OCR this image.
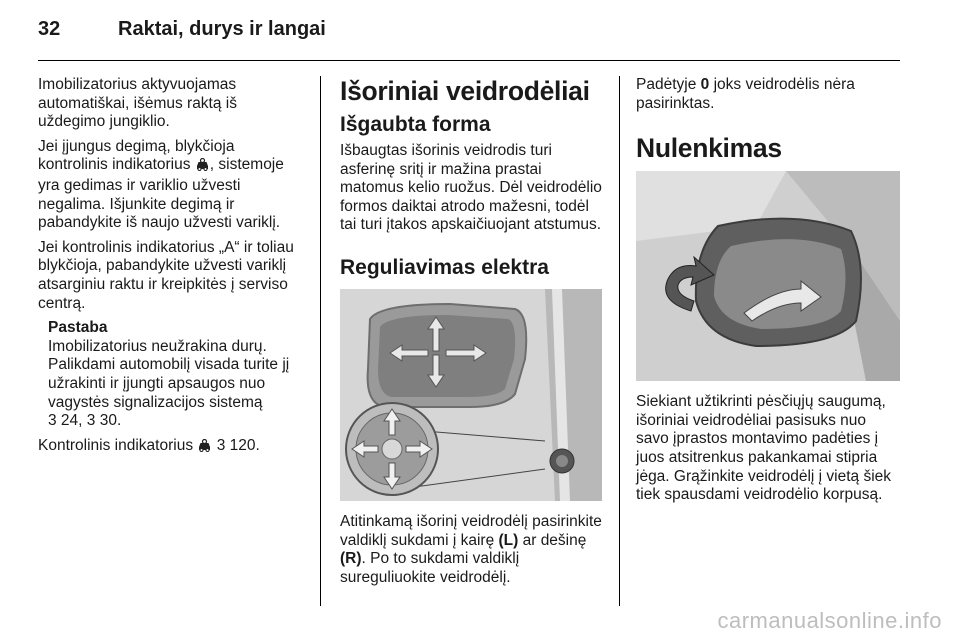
32	Raktai, durys ir langai

Imobilizatorius aktyvuojamas automatiškai, išėmus raktą iš uždegimo jungiklio.

Jei įjungus degimą, blykčioja kontrolinis indikatorius , sistemoje yra gedimas ir variklio užvesti negalima. Išjunkite degimą ir pabandykite iš naujo užvesti variklį.

Jei kontrolinis indikatorius „A“ ir toliau blykčioja, pabandykite užvesti variklį atsarginiu raktu ir kreipkitės į serviso centrą.

Pastaba
Imobilizatorius neužrakina durų. Palikdami automobilį visada turite jį užrakinti ir įjungti apsaugos nuo vagystės signalizacijos sistemą
3 24, 3 30.

Kontrolinis indikatorius  3 120.

Išoriniai veidrodėliai
Išgaubta forma

Išbaugtas išorinis veidrodis turi asferinę sritį ir mažina prastai matomus kelio ruožus. Dėl veidrodėlio formos daiktai atrodo mažesni, todėl tai turi įtakos apskaičiuojant atstumus.

Reguliavimas elektra

Atitinkamą išorinį veidrodėlį pasirinkite valdiklį sukdami į kairę (L) ar dešinę (R). Po to sukdami valdiklį sureguliuokite veidrodėlį.

Padėtyje 0 joks veidrodėlis nėra pasirinktas.

Nulenkimas

Siekiant užtikrinti pėsčiųjų saugumą, išoriniai veidrodėliai pasisuks nuo savo įprastos montavimo padėties į juos atsitrenkus pakankamai stipria jėga. Grąžinkite veidrodėlį į vietą šiek tiek spausdami veidrodėlio korpusą.

carmanualsonline.info
